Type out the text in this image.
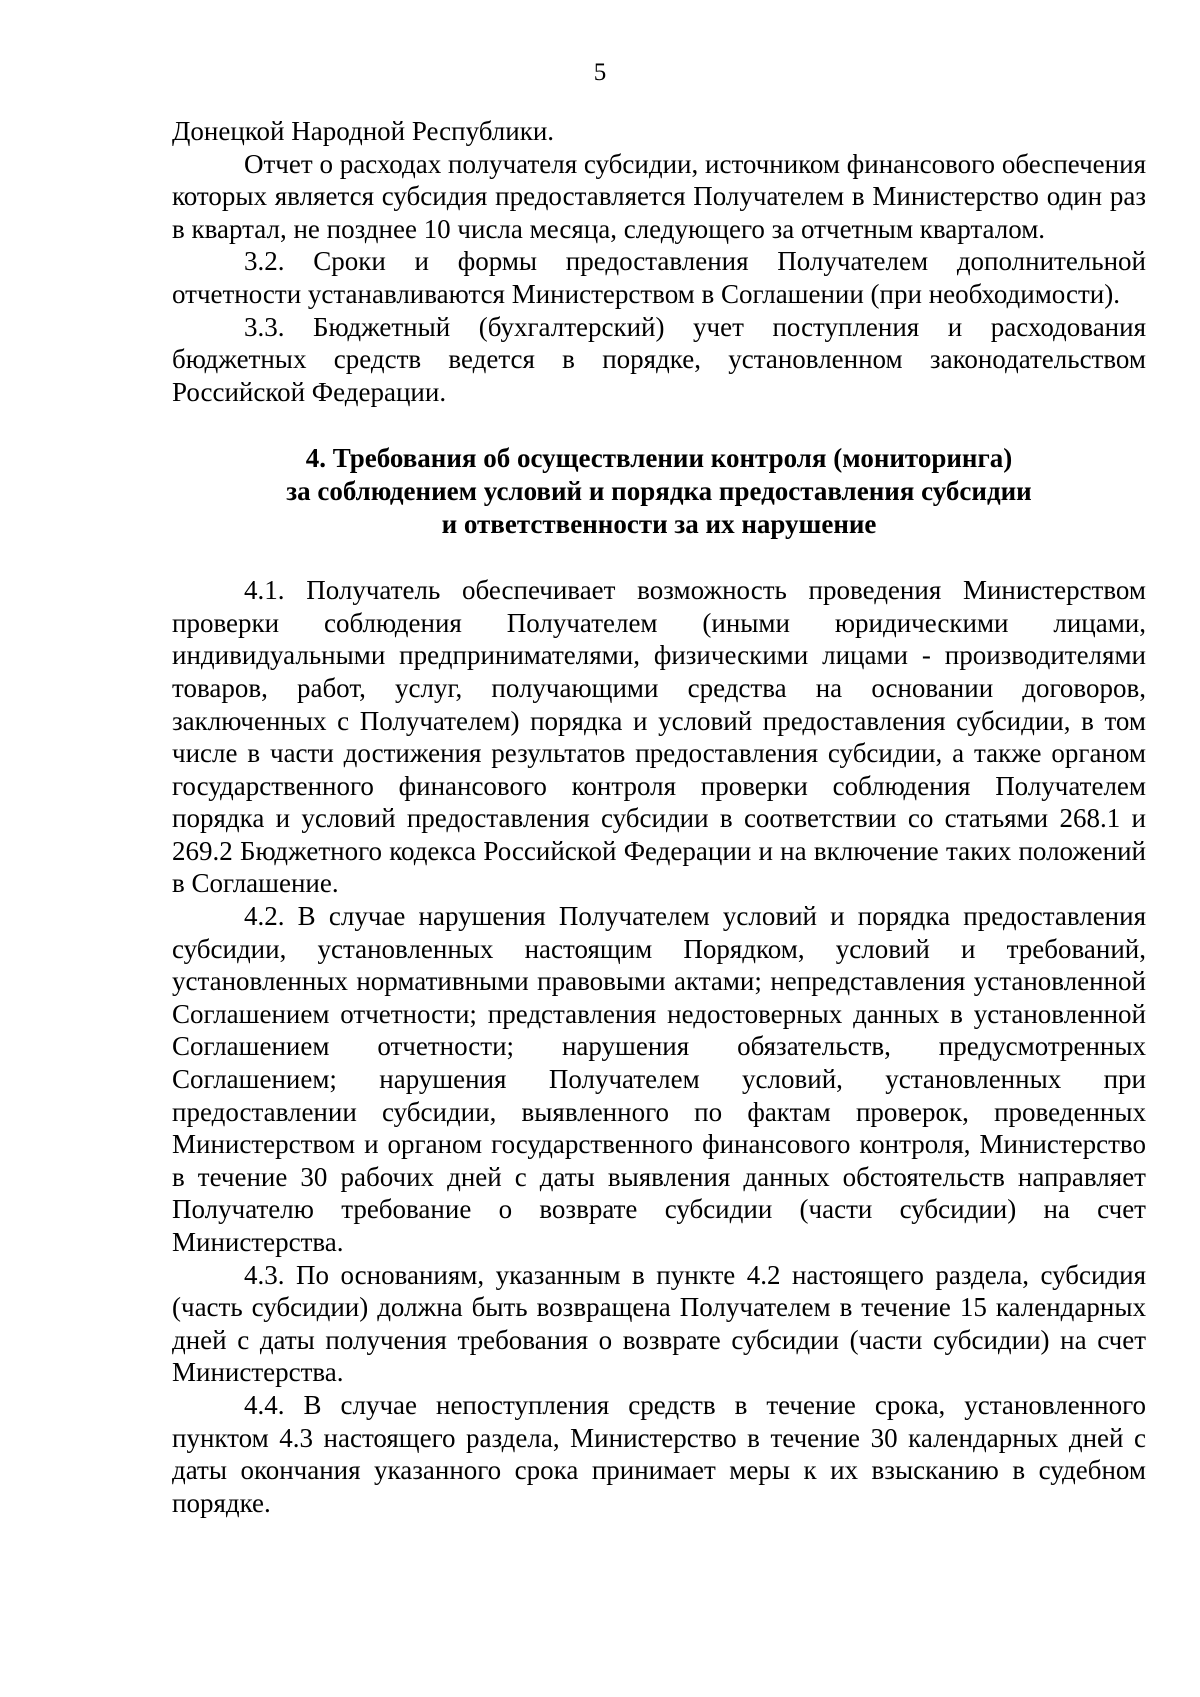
5

Донецкой Народной Республики.

Отчет о расходах получателя субсидии, источником финансового обеспечения которых является субсидия предоставляется Получателем в Министерство один раз в квартал, не позднее 10 числа месяца, следующего за отчетным кварталом.

3.2. Сроки и формы предоставления Получателем дополнительной отчетности устанавливаются Министерством в Соглашении (при необходимости).

3.3. Бюджетный (бухгалтерский) учет поступления и расходования бюджетных средств ведется в порядке, установленном законодательством Российской Федерации.

4. Требования об осуществлении контроля (мониторинга)
за соблюдением условий и порядка предоставления субсидии
и ответственности за их нарушение

4.1. Получатель обеспечивает возможность проведения Министерством проверки соблюдения Получателем (иными юридическими лицами, индивидуальными предпринимателями, физическими лицами - производителями товаров, работ, услуг, получающими средства на основании договоров, заключенных с Получателем) порядка и условий предоставления субсидии, в том числе в части достижения результатов предоставления субсидии, а также органом государственного финансового контроля проверки соблюдения Получателем порядка и условий предоставления субсидии в соответствии со статьями 268.1 и 269.2 Бюджетного кодекса Российской Федерации и на включение таких положений в Соглашение.

4.2. В случае нарушения Получателем условий и порядка предоставления субсидии, установленных настоящим Порядком, условий и требований, установленных нормативными правовыми актами; непредставления установленной Соглашением отчетности; представления недостоверных данных в установленной Соглашением отчетности; нарушения обязательств, предусмотренных Соглашением; нарушения Получателем условий, установленных при предоставлении субсидии, выявленного по фактам проверок, проведенных Министерством и органом государственного финансового контроля, Министерство в течение 30 рабочих дней с даты выявления данных обстоятельств направляет Получателю требование о возврате субсидии (части субсидии) на счет Министерства.

4.3. По основаниям, указанным в пункте 4.2 настоящего раздела, субсидия (часть субсидии) должна быть возвращена Получателем в течение 15 календарных дней с даты получения требования о возврате субсидии (части субсидии) на счет Министерства.

4.4. В случае непоступления средств в течение срока, установленного пунктом 4.3 настоящего раздела, Министерство в течение 30 календарных дней с даты окончания указанного срока принимает меры к их взысканию в судебном порядке.
